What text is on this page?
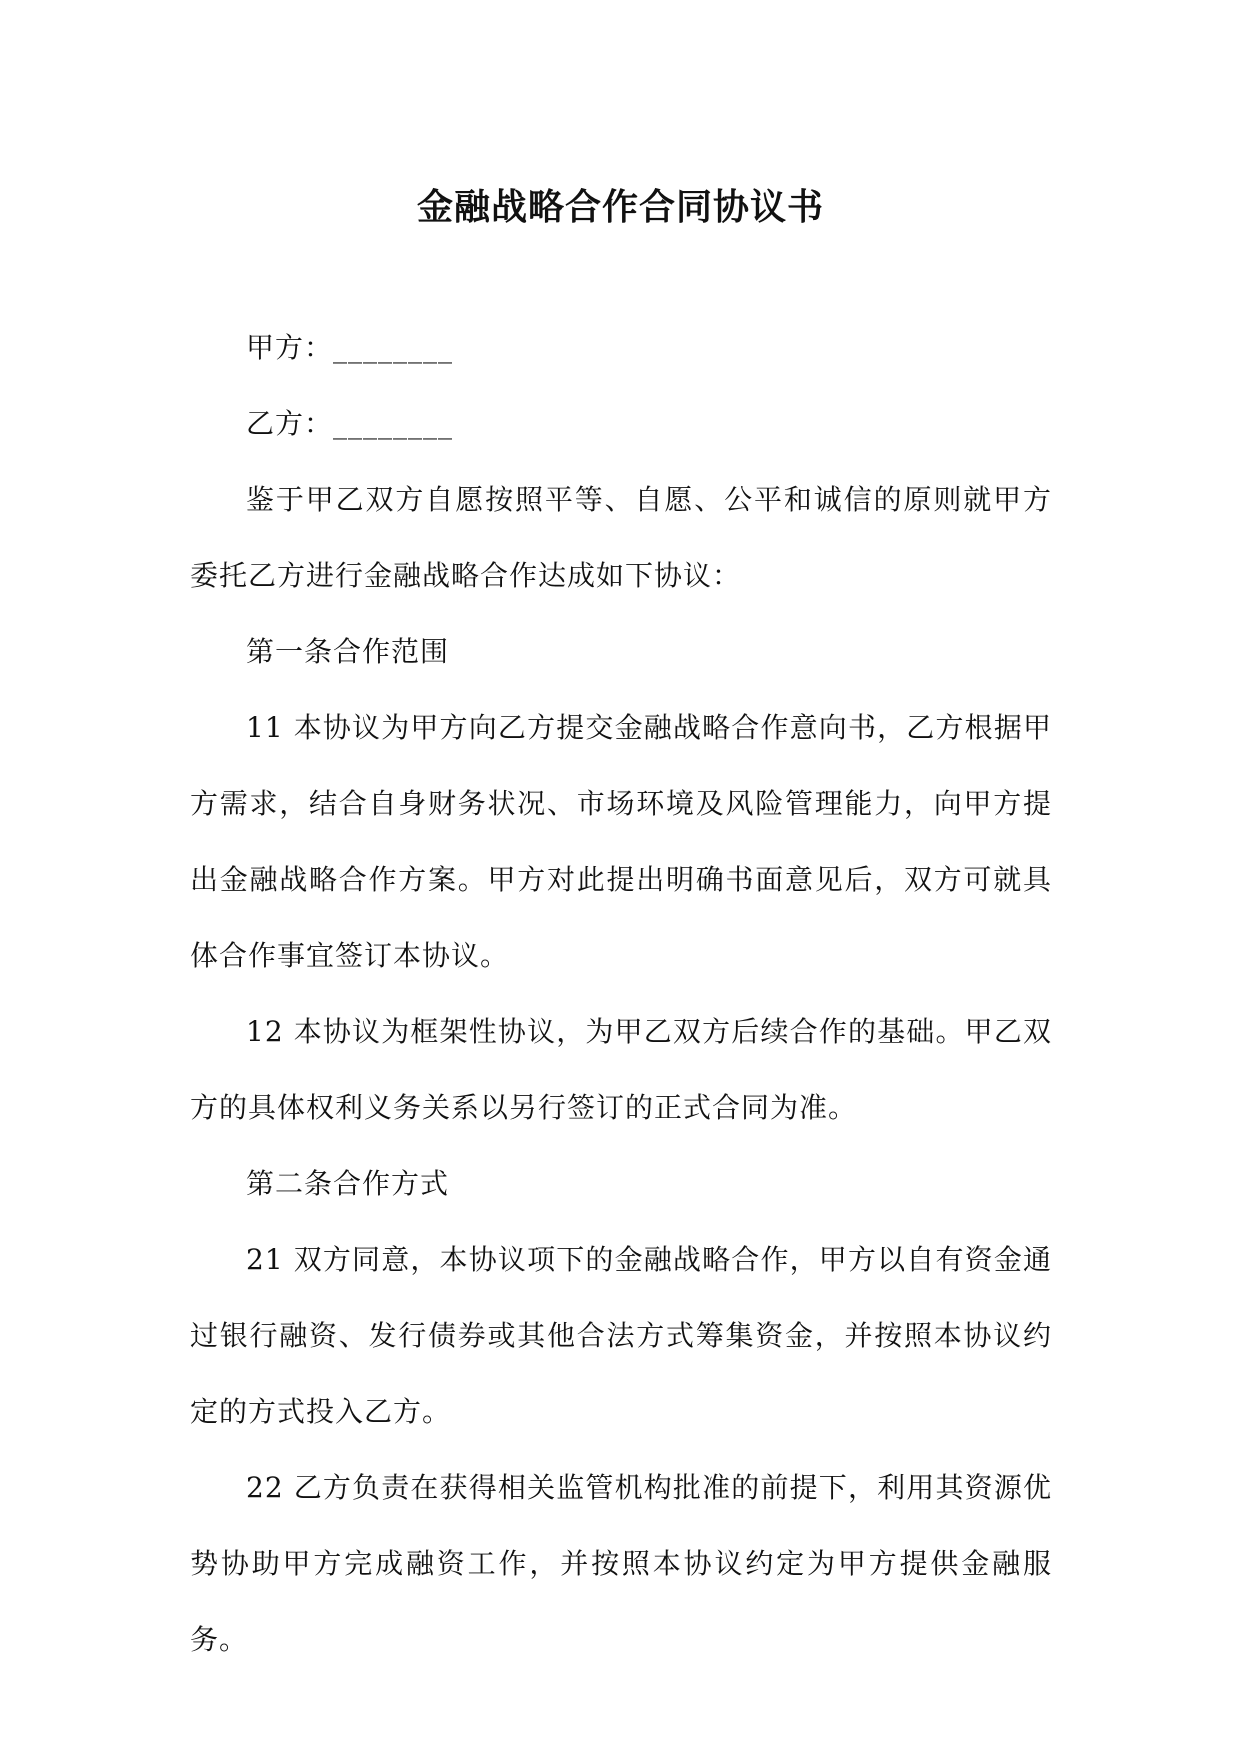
金融战略合作合同协议书

甲方：________

乙方：________

鉴于甲乙双方自愿按照平等、自愿、公平和诚信的原则就甲方委托乙方进行金融战略合作达成如下协议：

第一条合作范围

11 本协议为甲方向乙方提交金融战略合作意向书，乙方根据甲方需求，结合自身财务状况、市场环境及风险管理能力，向甲方提出金融战略合作方案。甲方对此提出明确书面意见后，双方可就具体合作事宜签订本协议。

12 本协议为框架性协议，为甲乙双方后续合作的基础。甲乙双方的具体权利义务关系以另行签订的正式合同为准。

第二条合作方式

21 双方同意，本协议项下的金融战略合作，甲方以自有资金通过银行融资、发行债券或其他合法方式筹集资金，并按照本协议约定的方式投入乙方。

22 乙方负责在获得相关监管机构批准的前提下，利用其资源优势协助甲方完成融资工作，并按照本协议约定为甲方提供金融服务。
